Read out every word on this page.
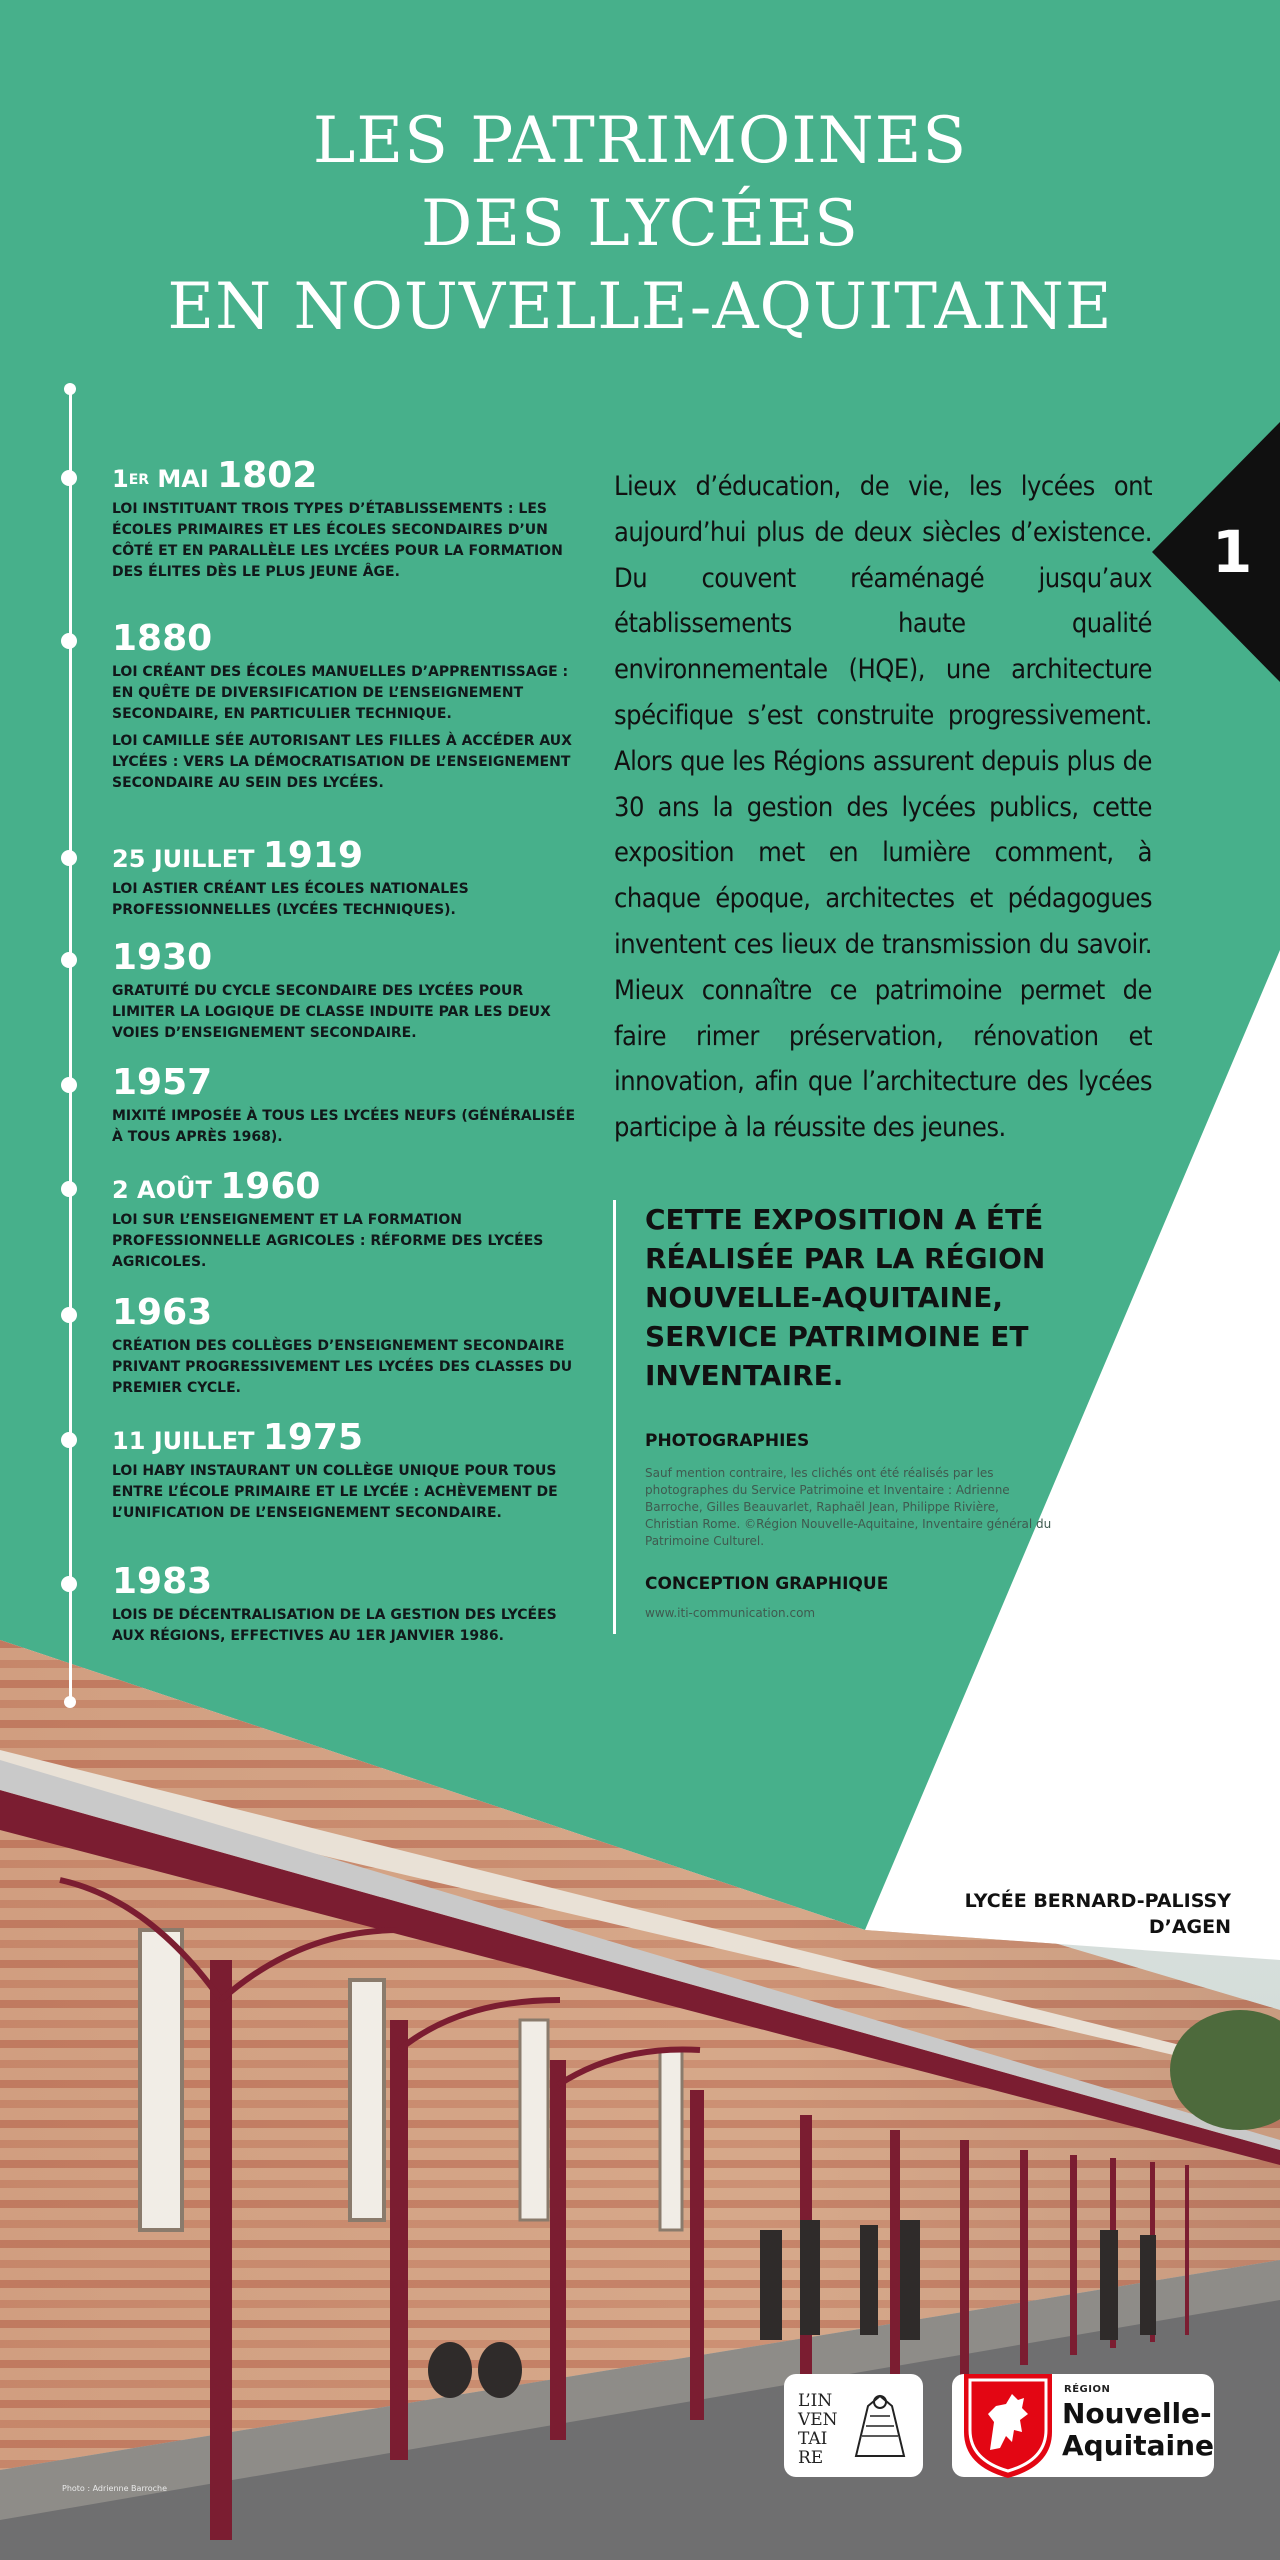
LES PATRIMOINES
DES LYCÉES
EN NOUVELLE-AQUITAINE
1ER MAI 1802

LOI INSTITUANT TROIS TYPES D’ÉTABLISSEMENTS : LES ÉCOLES PRIMAIRES ET LES ÉCOLES SECONDAIRES D’UN CÔTÉ ET EN PARALLÈLE LES LYCÉES POUR LA FORMATION DES ÉLITES DÈS LE PLUS JEUNE ÂGE.

1880

LOI CRÉANT DES ÉCOLES MANUELLES D’APPRENTISSAGE : EN QUÊTE DE DIVERSIFICATION DE L’ENSEIGNEMENT SECONDAIRE, EN PARTICULIER TECHNIQUE.

LOI CAMILLE SÉE AUTORISANT LES FILLES À ACCÉDER AUX LYCÉES : VERS LA DÉMOCRATISATION DE L’ENSEIGNEMENT SECONDAIRE AU SEIN DES LYCÉES.

25 JUILLET 1919

LOI ASTIER CRÉANT LES ÉCOLES NATIONALES PROFESSIONNELLES (LYCÉES TECHNIQUES).

1930

GRATUITÉ DU CYCLE SECONDAIRE DES LYCÉES POUR LIMITER LA LOGIQUE DE CLASSE INDUITE PAR LES DEUX VOIES D’ENSEIGNEMENT SECONDAIRE.

1957

MIXITÉ IMPOSÉE À TOUS LES LYCÉES NEUFS (GÉNÉRALISÉE À TOUS APRÈS 1968).

2 AOÛT 1960

LOI SUR L’ENSEIGNEMENT ET LA FORMATION PROFESSIONNELLE AGRICOLES : RÉFORME DES LYCÉES AGRICOLES.

1963

CRÉATION DES COLLÈGES D’ENSEIGNEMENT SECONDAIRE PRIVANT PROGRESSIVEMENT LES LYCÉES DES CLASSES DU PREMIER CYCLE.

11 JUILLET 1975

LOI HABY INSTAURANT UN COLLÈGE UNIQUE POUR TOUS ENTRE L’ÉCOLE PRIMAIRE ET LE LYCÉE : ACHÈVEMENT DE L’UNIFICATION DE L’ENSEIGNEMENT SECONDAIRE.

1983

LOIS DE DÉCENTRALISATION DE LA GESTION DES LYCÉES AUX RÉGIONS, EFFECTIVES AU 1ER JANVIER 1986.

Lieux d’éducation, de vie, les lycées ont aujourd’hui plus de deux siècles d’existence. Du couvent réaménagé jusqu’aux établissements haute qualité environnementale (HQE), une architecture spécifique s’est construite progressivement. Alors que les Régions assurent depuis plus de 30 ans la gestion des lycées publics, cette exposition met en lumière comment, à chaque époque, architectes et pédagogues inventent ces lieux de transmission du savoir. Mieux connaître ce patrimoine permet de faire rimer préservation, rénovation et innovation, afin que l’architecture des lycées participe à la réussite des jeunes.
1
CETTE EXPOSITION A ÉTÉ RÉALISÉE PAR LA RÉGION NOUVELLE-AQUITAINE, SERVICE PATRIMOINE ET INVENTAIRE.
PHOTOGRAPHIES
Sauf mention contraire, les clichés ont été réalisés par les photographes du Service Patrimoine et Inventaire : Adrienne Barroche, Gilles Beauvarlet, Raphaël Jean, Philippe Rivière, Christian Rome. ©Région Nouvelle-Aquitaine, Inventaire général du Patrimoine Culturel.
CONCEPTION GRAPHIQUE
www.iti-communication.com
LYCÉE BERNARD-PALISSY
D’AGEN
Photo : Adrienne Barroche
L’IN
VEN
TAI
RE
RÉGION
Nouvelle-
Aquitaine
